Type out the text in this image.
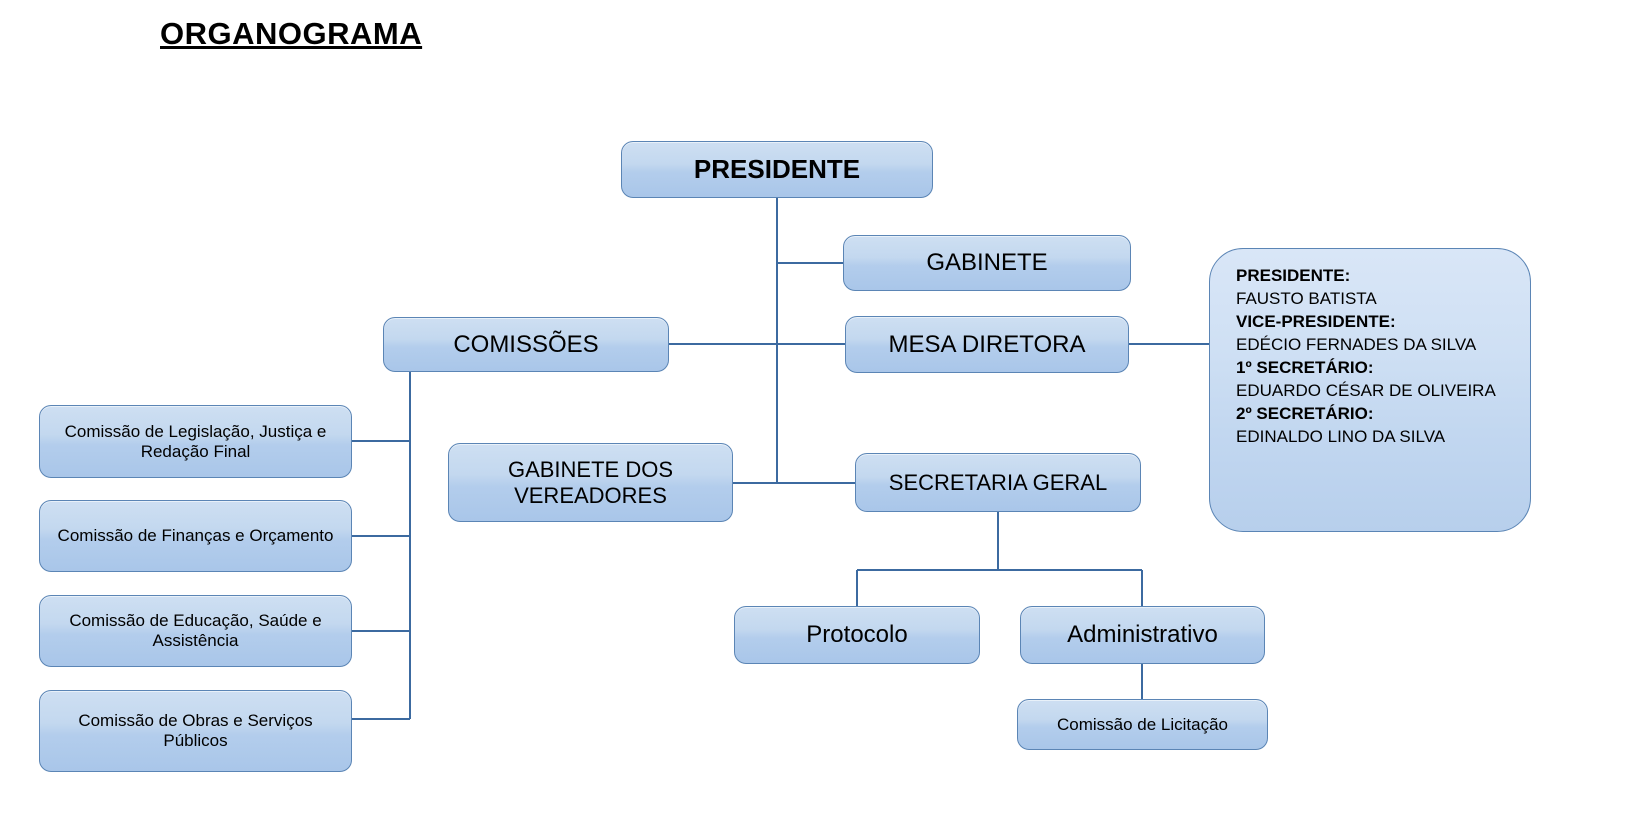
ORGANOGRAMA
PRESIDENTE
GABINETE
MESA DIRETORA
COMISSÕES
GABINETE DOS VEREADORES
SECRETARIA GERAL
Protocolo	Administrativo
Comissão de Licitação
Comissão de Legislação, Justiça e Redação Final
Comissão de Finanças e Orçamento
Comissão de Educação, Saúde e Assistência
Comissão de Obras e Serviços Públicos
PRESIDENTE:
FAUSTO BATISTA
VICE-PRESIDENTE:
EDÉCIO FERNADES DA SILVA
1º SECRETÁRIO:
EDUARDO CÉSAR DE OLIVEIRA
2º SECRETÁRIO:
EDINALDO LINO DA SILVA
